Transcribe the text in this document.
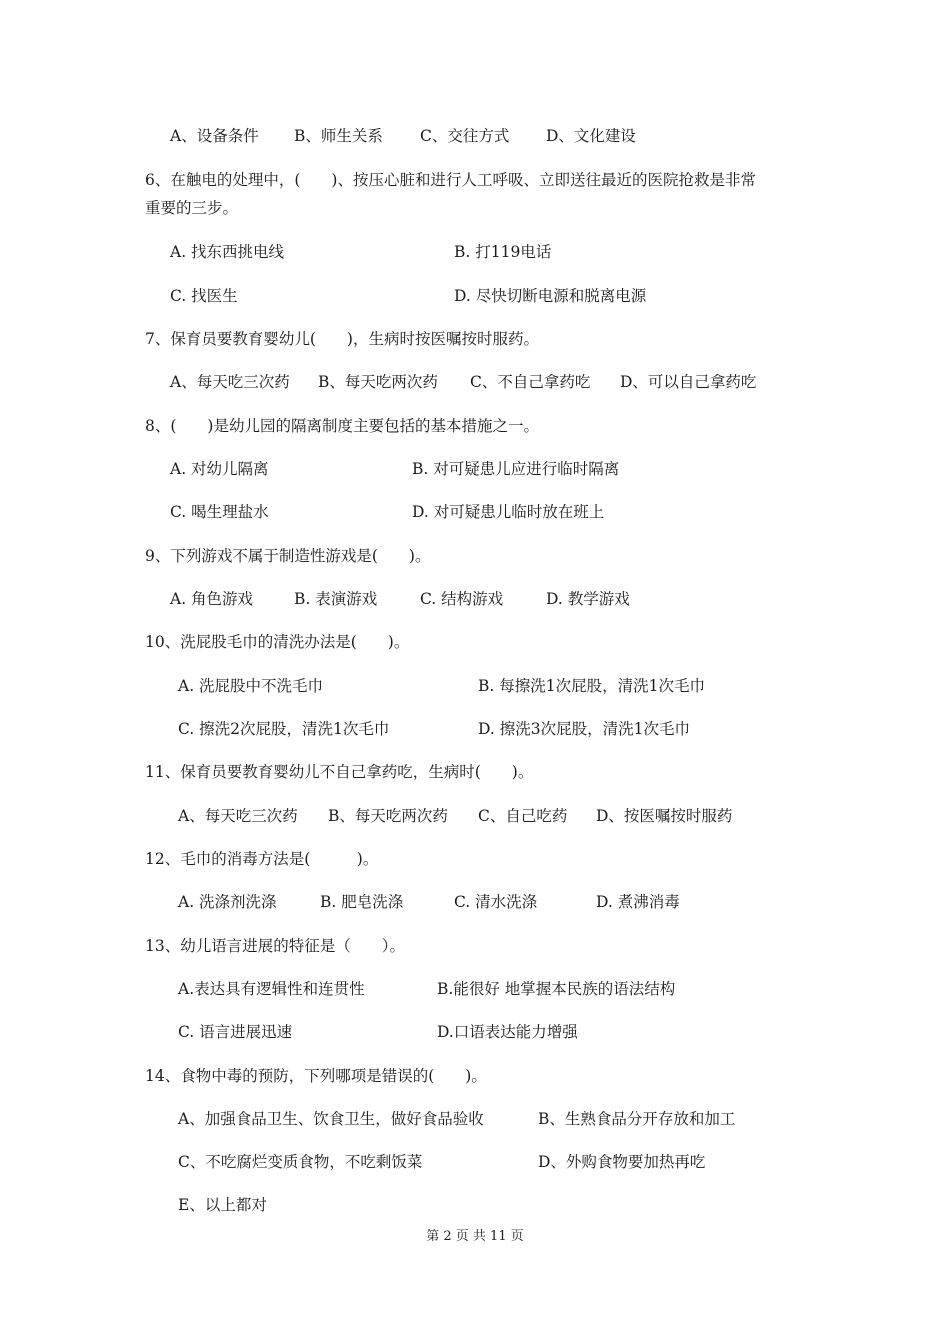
A、设备条件 B、师生关系 C、交往方式 D、文化建设
6、在触电的处理中，(　　)、按压心脏和进行人工呼吸、立即送往最近的医院抢救是非常
重要的三步。
A. 找东西挑电线	B. 打119电话
C. 找医生	D. 尽快切断电源和脱离电源
7、保育员要教育婴幼儿(　　)，生病时按医嘱按时服药。
A、每天吃三次药 B、每天吃两次药 C、不自己拿药吃 D、可以自己拿药吃
8、(　　)是幼儿园的隔离制度主要包括的基本措施之一。
A. 对幼儿隔离	B. 对可疑患儿应进行临时隔离
C. 喝生理盐水	D. 对可疑患儿临时放在班上
9、下列游戏不属于制造性游戏是(　　)。
A. 角色游戏	B. 表演游戏	C. 结构游戏	D. 教学游戏
10、洗屁股毛巾的清洗办法是(　　)。
A. 洗屁股中不洗毛巾	B. 每擦洗1次屁股，清洗1次毛巾
C. 擦洗2次屁股，清洗1次毛巾	D. 擦洗3次屁股，清洗1次毛巾
11、保育员要教育婴幼儿不自己拿药吃，生病时(　　)。
A、每天吃三次药 B、每天吃两次药 C、自己吃药 D、按医嘱按时服药
12、毛巾的消毒方法是(　　　)。
A. 洗涤剂洗涤	B. 肥皂洗涤	C. 清水洗涤	D. 煮沸消毒
13、幼儿语言进展的特征是（　　）。
A.表达具有逻辑性和连贯性	B.能很好 地掌握本民族的语法结构
C. 语言进展迅速	D.口语表达能力增强
14、食物中毒的预防，下列哪项是错误的(　　)。
A、加强食品卫生、饮食卫生，做好食品验收	B、生熟食品分开存放和加工
C、不吃腐烂变质食物，不吃剩饭菜	D、外购食物要加热再吃
E、以上都对
第 2 页 共 11 页
